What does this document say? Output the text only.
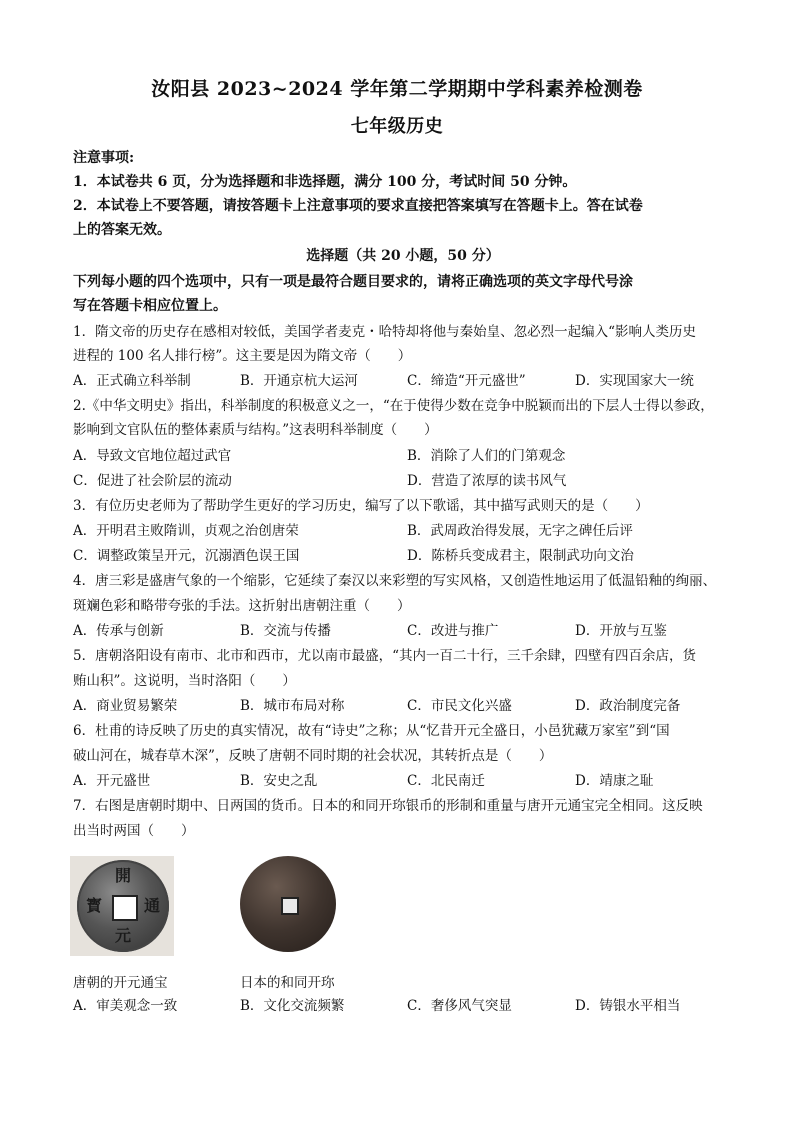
汝阳县 2023~2024 学年第二学期期中学科素养检测卷
七年级历史
注意事项:
1．本试卷共 6 页，分为选择题和非选择题，满分 100 分，考试时间 50 分钟。
2．本试卷上不要答题，请按答题卡上注意事项的要求直接把答案填写在答题卡上。答在试卷
上的答案无效。
选择题（共 20 小题，50 分）
下列每小题的四个选项中，只有一项是最符合题目要求的，请将正确选项的英文字母代号涂
写在答题卡相应位置上。
1．隋文帝的历史存在感相对较低，美国学者麦克・哈特却将他与秦始皇、忽必烈一起编入“影响人类历史
进程的 100 名人排行榜”。这主要是因为隋文帝（　　）
A．正式确立科举制	B．开通京杭大运河	C．缔造“开元盛世”	D．实现国家大一统
2.《中华文明史》指出，科举制度的积极意义之一，“在于使得少数在竞争中脱颖而出的下层人士得以参政，
影响到文官队伍的整体素质与结构。”这表明科举制度（　　）
A．导致文官地位超过武官	B．消除了人们的门第观念
C．促进了社会阶层的流动	D．营造了浓厚的读书风气
3．有位历史老师为了帮助学生更好的学习历史，编写了以下歌谣，其中描写武则天的是（　　）
A．开明君主败隋训，贞观之治创唐荣	B．武周政治得发展，无字之碑任后评
C．调整政策呈开元，沉溺酒色误王国	D．陈桥兵变成君主，限制武功向文治
4．唐三彩是盛唐气象的一个缩影，它延续了秦汉以来彩塑的写实风格，又创造性地运用了低温铅釉的绚丽、
斑斓色彩和略带夸张的手法。这折射出唐朝注重（　　）
A．传承与创新	B．交流与传播	C．改进与推广	D．开放与互鉴
5．唐朝洛阳设有南市、北市和西市，尤以南市最盛，“其内一百二十行，三千余肆，四壁有四百余店，货
贿山积”。这说明，当时洛阳（　　）
A．商业贸易繁荣	B．城市布局对称	C．市民文化兴盛	D．政治制度完备
6．杜甫的诗反映了历史的真实情况，故有“诗史”之称；从“忆昔开元全盛日，小邑犹藏万家室”到“国
破山河在，城春草木深”，反映了唐朝不同时期的社会状况，其转折点是（　　）
A．开元盛世	B．安史之乱	C．北民南迁	D．靖康之耻
7．右图是唐朝时期中、日两国的货币。日本的和同开珎银币的形制和重量与唐开元通宝完全相同。这反映
出当时两国（　　）
開
通
元
寳
唐朝的开元通宝	日本的和同开珎
A．审美观念一致	B．文化交流频繁	C．奢侈风气突显	D．铸银水平相当
